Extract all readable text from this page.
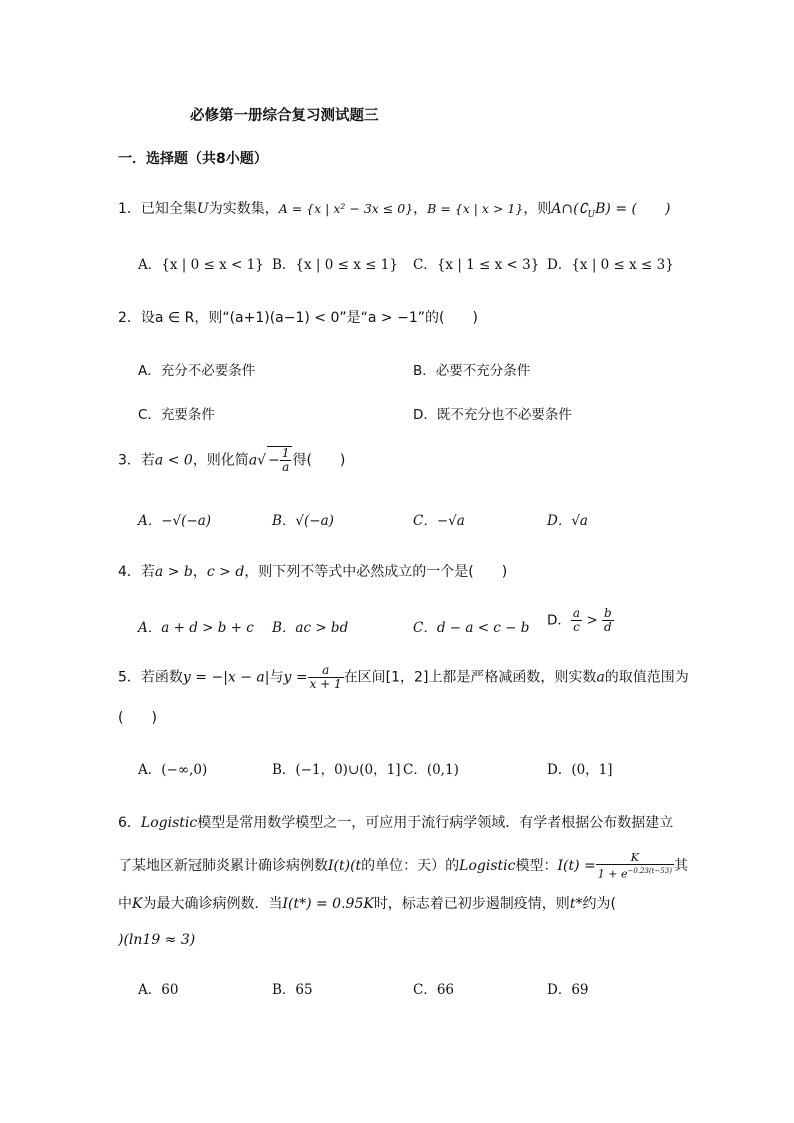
必修第一册综合复习测试题三
一．选择题（共8小题）
1．已知全集U为实数集，A = {x | x² − 3x ≤ 0}，B = {x | x > 1}，则$A\cap(∁_UB)$ = (　　)
A．{x | 0 ≤ x < 1} B．{x | 0 ≤ x ≤ 1} C．{x | 1 ≤ x < 3} D．{x | 0 ≤ x ≤ 3}
2．设a ∈ R，则“(a+1)(a−1) < 0”是“a > −1”的(　　)
A．充分不必要条件	B．必要不充分条件
C．充要条件	D．既不充分也不必要条件
3．若a < 0，则化简$a√ - \frac{1}{a}$ 得(　　)
A．−√(−a)	B．√(−a)	C．−√a	D．√a
4．若a > b，c > d，则下列不等式中必然成立的一个是(　　)
A．a + d > b + c B．ac > bd	C．d − a < c − b D． $\frac{a}{c} > \frac{b}{d}$
5．若函数y = −|x − a|与$y = \frac{a}{x + 1}$ 在区间[1，2]上都是严格减函数，则实数a的取值范围为
(　　)
A．(−∞,0)	B．(−1，0)∪(0，1] C．(0,1)	D．(0，1]
6．Logistic模型是常用数学模型之一，可应用于流行病学领域．有学者根据公布数据建立
了某地区新冠肺炎累计确诊病例数I(t)(t的单位：天）的Logistic模型：$I(t) = \frac{K}{1 + e^{-0.23(t-53)}}$ 其
中K为最大确诊病例数．当I(t*) = 0.95K时，标志着已初步遏制疫情，则t*约为(
)(ln19 ≈ 3)
A．60	B．65	C．66	D．69
